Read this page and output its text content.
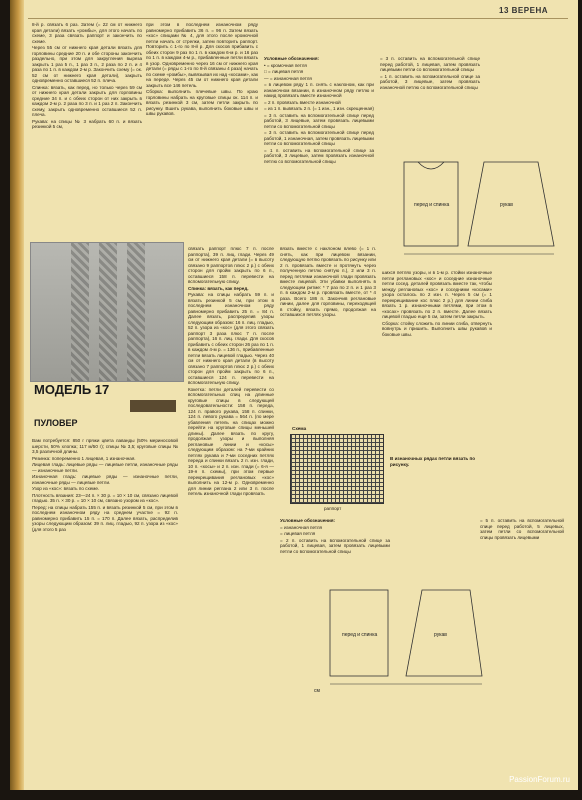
13 ВЕРЕНА

8-й р. связать 6 раз. Затем (= 22 см от нижнего края детали) вязать «ромбы», для этого начать по схеме, 3 раза связать раппорт и закончить по схеме.

Через 55 см от нижнего края детали вязать для горловины средние 20 п. и обе стороны закончить раздельно, при этом для закругления выреза закрыть 1 раз 5 п., 1 раз 3 п., 2 раза по 2 п. и 4 раза по 1 п. в каждом 2-м р. Закончить схему (= ок. 52 см от нижнего края детали), закрыть одновременно оставшиеся 52 п. плеча.

Спинка: вязать, как перед, но только через 59 см от нижнего края детали закрыть для горловины средние 34 п. и с обеих сторон от них закрыть в каждом 2-м р. 2 раза по 3 п. и 1 раз 2 п. Закончить схему, закрыть одновременно оставшиеся 52 п. плеча.

Рукава: на спицы № 3 набрать 60 п. и вязать резинкой 5 см,

при этом в последнем изнаночном ряду равномерно прибавить 36 п. = 96 п. Затем вязать «кос» спицами № 4, для этого после кромочной петли начать от стрелки, затем повторить раппорт. Повторить с 1-го по 8-й р. Для скосов прибавить с обеих сторон 9 раз по 1 п. в каждом 6-м р. и 16 раз по 1 п. в каждом 4-м р., прибавленные петли вязать в узор. Одновременно через 16 см от нижнего края детали (= ряды с 1-го по 8-й связаны 4 раза) начать по схеме «ромбы», вывязывая их над «косами», как на переде. Через 45 см от нижнего края детали закрыть все 146 петель.

Сборка: выполнить плечевые швы. По краю горловины набрать на круговые спицы ок. 114 п. и вязать резинкой 3 см, затем петли закрыть по рисунку. Вшить рукава, выполнить боковые швы и швы рукавов.

Условные обозначения:

• = кромочная петля

□ = лицевая петля

— = изнаночная петля

= в лицевом ряду 1 п. снять с наклоном, как при изнаночном вязании, в изнаночном ряду петлю и накид провязать вместе изнаночной

= 2 п. провязать вместе изнаночной

= из 1 п. вывязать 2 п. (= 1 изн., 1 изн. скрещенная)

= 3 п. оставить на вспомогательной спице перед работой, 3 лицевые, затем провязать лицевыми петли со вспомогательной спицы

= 3 п. оставить на вспомогательной спице перед работой, 1 изнаночная, затем провязать лицевыми петли со вспомогательной спицы

= 1 п. оставить на вспомогательной спице за работой, 3 лицевые, затем провязать изнаночной петлю со вспомогательной спицы

= 3 п. оставить на вспомогательной спице перед работой, 1 лицевая, затем провязать лицевыми петли со вспомогательной спицы

= 1 п. оставить на вспомогательной спице за работой, 3 лицевые, затем провязать изнаночной петлю со вспомогательной спицы

перед и спинка	рукав

связать раппорт плюс 7 п. после раппорта), 39 п. лиц. глади. Через 49 см от нижнего края детали (= в высоту связано 9 раппортов плюс 2 р.) с обеих сторон для пройм закрыть по 6 п., оставшиеся 158 п. перевести на вспомогательную спицу.

Спинка: вязать, как перед.

Рукава: на спицы набрать 59 п. и вязать резинкой 5 см, при этом в последнем изнаночном ряду равномерно прибавить 25 п. = 84 п. Далее вязать, распределив узоры следующим образом: 16 п. лиц. гладью, 52 п. узора из «кос» (для этого связать раппорт 3 раза плюс 7 п. после раппорта), 16 п. лиц. глади. Для скосов прибавить с обеих сторон 26 раз по 1 п. в каждом 4-м р. = 136 п., прибавленные петли вязать лицевой гладью. Через 40 см от нижнего края детали (в высоту связано 7 раппортов плюс 2 р.) с обеих сторон для пройм закрыть по 6 п., оставшиеся 124 п. перевести на вспомогательную спицу.

Кокетка: петли деталей перевести со вспомогательных спиц на длинные круговые спицы в следующей последовательности: 158 п. переда, 124 п. правого рукава, 158 п. спинки, 124 п. левого рукава = 564 п. (по мере убавления петель на спицах можно перейти на круговые спицы меньшей длины). Далее вязать по кругу, продолжая узоры и выполняя реглановые линии и «косы» следующим образом: на 7-ми крайних петлях рукава и 7-ми соседних петлях переда и спинки вязать 2 п. изн. глади, 10 п. «косы» и 2 п. изн. глади (= 6-я — 19-я п. схемы), при этом первые перекрещивания реглановых «кос» выполнить на 12-м р. Одновременно для линии реглана 2 или 3 п. после петель изнаночной глади провязать

вязать вместе с наклоном влево (= 1 п. снять, как при лицевом вязании, следующую петлю провязать по рисунку или 2 п. провязать вместе и протянуть через полученную петлю снятую п.), 2 или 3 п. перед петлями изнаночной глади провязать вместе лицевой. Эти убавки выполнять в следующем ритме: * 7 раз по 2 п. и 1 раз 3 п. в каждом 2-м р. провязать вместе, от * 4 раза. Всего 186 п. Закончив реглановые линии, далее для горловины, переходящей в стойку, вязать прямо, продолжая на оставшихся петлях узоры.

шихся петлях узоры, и в 1-м р. стойки изнаночные петли реглановых «кос» и соседние изнаночные петли сосед. деталей провязать вместе так, чтобы между реглановых «кос» и соседними «косами» узора осталось по 2 изн. п. Через 5 см (= 1 перекрещивание кос плюс 2 р.) для линии сгиба вязать 1 р. изнаночными петлями, при этом в «косах» провязать по 2 п. вместе. Далее вязать лицевой гладью еще 5 см, затем петли закрыть.

Сборка: стойку сложить по линии сгиба, отвернуть вовнутрь и пришить. Выполнить швы рукавов и боковые швы.

МОДЕЛЬ 17
ПУЛОВЕР

Вам потребуется: 850 г пряжи цвета лаванды (50% мериносовой шерсти, 50% хлопка; 117 м/50 г); спицы № 3,5; круговые спицы № 3,5 различной длины.

Резинка: попеременно 1 лицевая, 1 изнаночная.

Лицевая гладь: лицевые ряды — лицевые петли, изнаночные ряды — изнаночные петли.

Изнаночная гладь: лицевые ряды — изнаночные петли, изнаночные ряды — лицевые петли.

Узор из «кос»: вязать по схеме.

Плотность вязания: 23—24 п. × 30 р. = 10 × 10 см, связано лицевой гладью. 35 п. × 30 р. = 10 × 10 см, связано узором из «кос».

Перед: на спицы набрать 155 п. и вязать резинкой 5 см, при этом в последнем изнаночном ряду на среднем участке = 92 п. равномерно прибавить 15 п. = 170 п. Далее вязать, распределив узоры следующим образом: 39 п. лиц. гладью, 92 п. узора из «кос» (для этого 5 раз

Схема
раппорт
В изнаночных рядах петли вязать по рисунку.

Условные обозначения:

= изнаночная петля

= лицевая петля

= 2 п. оставить на вспомогательной спице за работой, 1 лицевая, затем провязать лицевыми петли со вспомогательной спицы

= 5 п. оставить на вспомогательной спице перед работой, 5 лицевых, затем петли со вспомогательной спицы провязать лицевыми

перед и спинка	рукав
см
PassionForum.ru
